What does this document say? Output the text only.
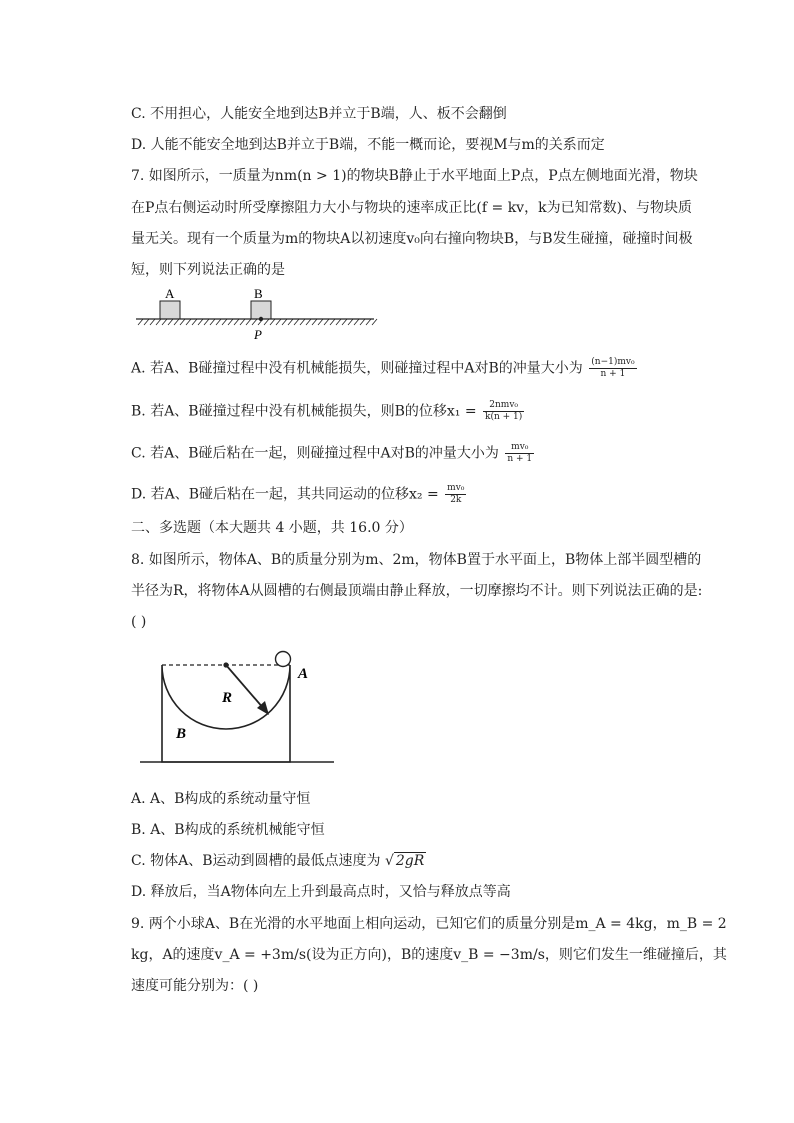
C. 不用担心，人能安全地到达B并立于B端，人、板不会翻倒
D. 人能不能安全地到达B并立于B端，不能一概而论，要视M与m的关系而定
7. 如图所示，一质量为nm(n > 1)的物块B静止于水平地面上P点，P点左侧地面光滑，物块
在P点右侧运动时所受摩擦阻力大小与物块的速率成正比(f = kv，k为已知常数)、与物块质
量无关。现有一个质量为m的物块A以初速度v₀向右撞向物块B，与B发生碰撞，碰撞时间极
短，则下列说法正确的是
A	B
P
A. 若A、B碰撞过程中没有机械能损失，则碰撞过程中A对B的冲量大小为 $\frac{\text{(n−1)mv₀}}{n + 1}$
B. 若A、B碰撞过程中没有机械能损失，则B的位移$x_1 = \frac{\text{2nmv₀}}{k(n + 1)}$
C. 若A、B碰后粘在一起，则碰撞过程中A对B的冲量大小为 $\frac{\text{mv₀}}{n + 1}$
D. 若A、B碰后粘在一起，其共同运动的位移$x_2 = \frac{\text{mv₀}}{2k}$
二、多选题（本大题共 4 小题，共 16.0 分）
8. 如图所示，物体A、B的质量分别为m、2m，物体B置于水平面上，B物体上部半圆型槽的
半径为R，将物体A从圆槽的右侧最顶端由静止释放，一切摩擦均不计。则下列说法正确的是:
( )
R
B
A
A. A、B构成的系统动量守恒
B. A、B构成的系统机械能守恒
C. 物体A、B运动到圆槽的最低点速度为 √ 2gR
D. 释放后，当A物体向左上升到最高点时，又恰与释放点等高
9. 两个小球A、B在光滑的水平地面上相向运动，已知它们的质量分别是m_A = 4kg，m_B = 2
kg，A的速度v_A = +3m/s(设为正方向)，B的速度v_B = −3m/s，则它们发生一维碰撞后，其
速度可能分别为：( )
